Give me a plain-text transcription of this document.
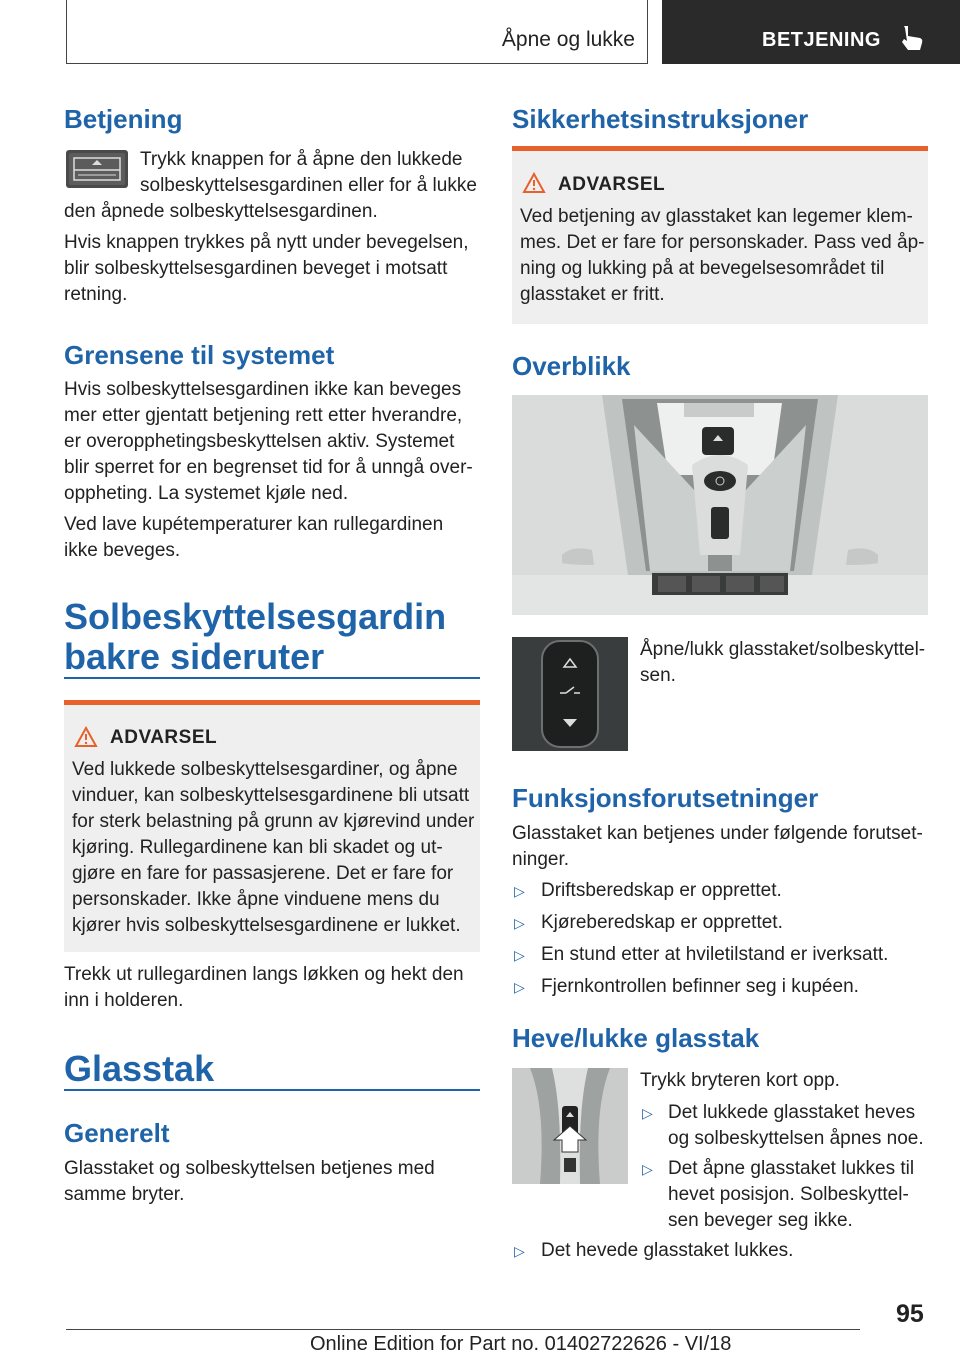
Åpne og lukke	BETJENING
Betjening
Trykk knappen for å åpne den lukkede
solbeskyttelsesgardinen eller for å lukke
den åpnede solbeskyttelsesgardinen.
Hvis knappen trykkes på nytt under bevegelsen,
blir solbeskyttelsesgardinen beveget i motsatt
retning.
Grensene til systemet
Hvis solbeskyttelsesgardinen ikke kan beveges
mer etter gjentatt betjening rett etter hverandre,
er overopphetingsbeskyttelsen aktiv. Systemet
blir sperret for en begrenset tid for å unngå over-
oppheting. La systemet kjøle ned.
Ved lave kupétemperaturer kan rullegardinen
ikke beveges.
Solbeskyttelsesgardin
bakre sideruter
ADVARSEL
Ved lukkede solbeskyttelsesgardiner, og åpne
vinduer, kan solbeskyttelsesgardinene bli utsatt
for sterk belastning på grunn av kjørevind under
kjøring. Rullegardinene kan bli skadet og ut-
gjøre en fare for passasjerene. Det er fare for
personskader. Ikke åpne vinduene mens du
kjører hvis solbeskyttelsesgardinene er lukket.
Trekk ut rullegardinen langs løkken og hekt den
inn i holderen.
Glasstak
Generelt
Glasstaket og solbeskyttelsen betjenes med
samme bryter.
Sikkerhetsinstruksjoner
ADVARSEL
Ved betjening av glasstaket kan legemer klem-
mes. Det er fare for personskader. Pass ved åp-
ning og lukking på at bevegelsesområdet til
glasstaket er fritt.
Overblikk
Åpne/lukk glasstaket/solbeskyttel-
sen.
Funksjonsforutsetninger
Glasstaket kan betjenes under følgende forutset-
ninger.
▷ Driftsberedskap er opprettet.
▷ Kjøreberedskap er opprettet.
▷ En stund etter at hviletilstand er iverksatt.
▷ Fjernkontrollen befinner seg i kupéen.
Heve/lukke glasstak
Trykk bryteren kort opp.
▷ Det lukkede glasstaket heves
og solbeskyttelsen åpnes noe.
▷ Det åpne glasstaket lukkes til
hevet posisjon. Solbeskyttel-
sen beveger seg ikke.
▷ Det hevede glasstaket lukkes.
95
Online Edition for Part no. 01402722626 - VI/18
